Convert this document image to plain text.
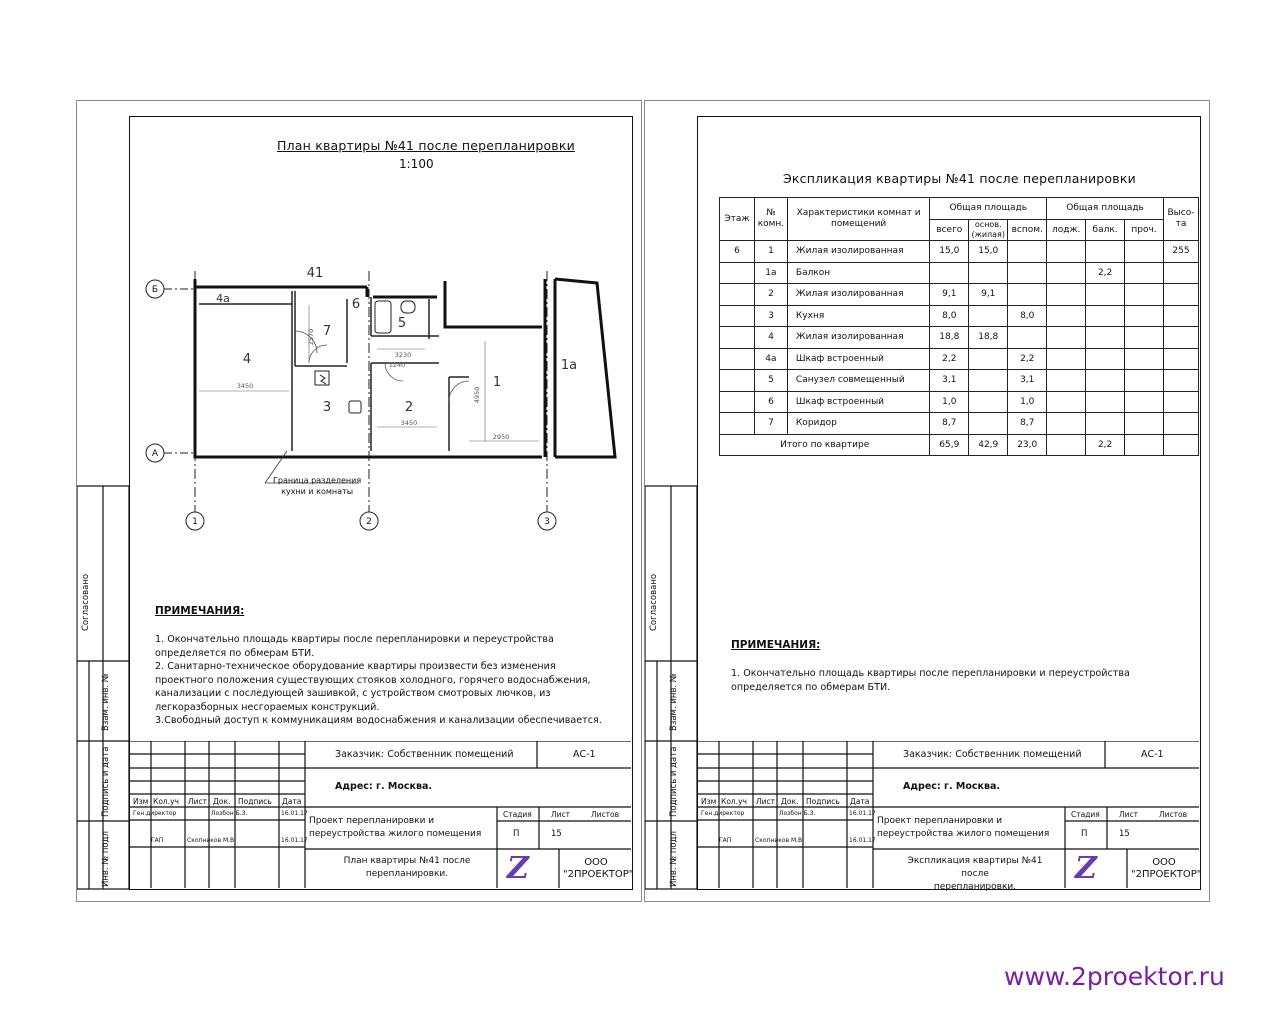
План квартиры №41 после перепланировки
1:100
Б
А
1	2	3
3450
2570
3230
3450
2950
4950
1240
41
4а
4
7
6
5
3	2
1
1а
Граница разделения
кухни и комнаты
ПРИМЕЧАНИЯ:
1. Окончательно площадь квартиры после перепланировки и переустройства
определяется по обмерам БТИ.
2. Санитарно-техническое оборудование квартиры произвести без изменения
проектного положения существующих стояков холодного, горячего водоснабжения,
канализации с последующей зашивкой, с устройством смотровых лючков, из
легкоразборных несгораемых конструкций.
3.Свободный доступ к коммуникациям водоснабжения и канализации обеспечивается.
Согласовано
Взам. инв. №
Подпись и дата
Инв. № подл
Заказчик: Собственник помещений	АС-1
Адрес: г. Москва.
Проект перепланировки и
переустройства жилого помещения
Стадия	Лист	Листов
П	15
План квартиры №41 после
перепланировки.	Z	ООО "2ПРОЕКТОР"
Изм Кол.уч Лист Док. Подпись Дата
Ген.директор	Лозбон Б.З.	16.01.17
ГАП	Скопников М.В.	16.01.17
Экспликация квартиры №41 после перепланировки
Этаж	№
комн.	Характеристики комнат и
помещений	Общая площадь			Общая площадь			Высо-
та
			всего	основ.
(жилая)	вспом.	лодж.	балк.	проч.	
6	1	Жилая изолированная	15,0	15,0					255
	1а	Балкон					2,2		
	2	Жилая изолированная	9,1	9,1					
	3	Кухня	8,0		8,0				
	4	Жилая изолированная	18,8	18,8					
	4а	Шкаф встроенный	2,2		2,2				
	5	Санузел совмещенный	3,1		3,1				
	6	Шкаф встроенный	1,0		1,0				
	7	Коридор	8,7		8,7				
Итого по квартире			65,9	42,9	23,0		2,2		
ПРИМЕЧАНИЯ:
1. Окончательно площадь квартиры после перепланировки и переустройства
определяется по обмерам БТИ.
Согласовано
Взам. инв. №
Подпись и дата
Инв. № подл
Заказчик: Собственник помещений	АС-1
Адрес: г. Москва.
Проект перепланировки и
переустройства жилого помещения
Стадия	Лист	Листов
П	15
Экспликация квартиры №41 после
перепланировки.
Z	ООО "2ПРОЕКТОР"
Изм Кол.уч Лист Док. Подпись Дата
Ген.директор	Лозбон Б.З.	16.01.17
ГАП	Скопников М.В.	16.01.17
www.2proektor.ru
